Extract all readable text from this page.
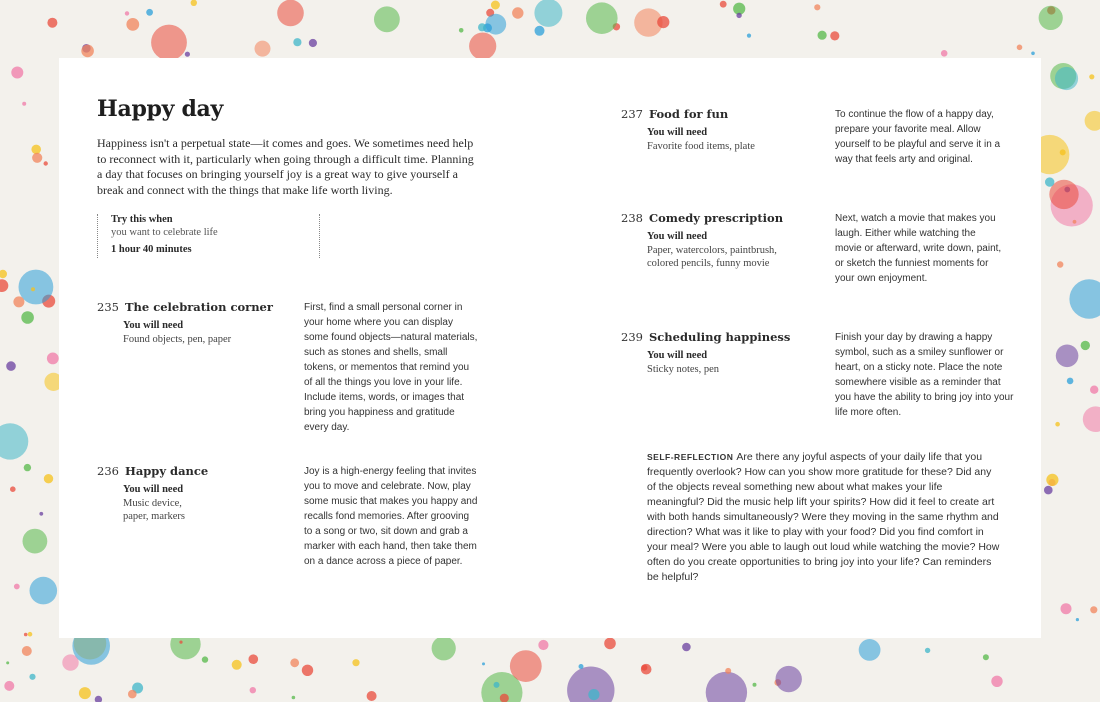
Happy day

Happiness isn't a perpetual state—it comes and goes. We sometimes need help to reconnect with it, particularly when going through a difficult time. Planning a day that focuses on bringing yourself joy is a great way to give yourself a break and connect with the things that make life worth living.

Try this when
you want to celebrate life
1 hour 40 minutes
235 The celebration corner
You will need
Found objects, pen, paper

First, find a small personal corner in your home where you can display some found objects—natural materials, such as stones and shells, small tokens, or mementos that remind you of all the things you love in your life. Include items, words, or images that bring you happiness and gratitude every day.

236 Happy dance
You will need
Music device, paper, markers

Joy is a high-energy feeling that invites you to move and celebrate. Now, play some music that makes you happy and recalls fond memories. After grooving to a song or two, sit down and grab a marker with each hand, then take them on a dance across a piece of paper.

237 Food for fun
You will need
Favorite food items, plate

To continue the flow of a happy day, prepare your favorite meal. Allow yourself to be playful and serve it in a way that feels arty and original.

238 Comedy prescription
You will need
Paper, watercolors, paintbrush, colored pencils, funny movie

Next, watch a movie that makes you laugh. Either while watching the movie or afterward, write down, paint, or sketch the funniest moments for your own enjoyment.

239 Scheduling happiness
You will need
Sticky notes, pen

Finish your day by drawing a happy symbol, such as a smiley sunflower or heart, on a sticky note. Place the note somewhere visible as a reminder that you have the ability to bring joy into your life more often.

SELF-REFLECTION Are there any joyful aspects of your daily life that you frequently overlook? How can you show more gratitude for these? Did any of the objects reveal something new about what makes your life meaningful? Did the music help lift your spirits? How did it feel to create art with both hands simultaneously? Were they moving in the same rhythm and direction? What was it like to play with your food? Did you find comfort in your meal? Were you able to laugh out loud while watching the movie? How often do you create opportunities to bring joy into your life? Can reminders be helpful?
